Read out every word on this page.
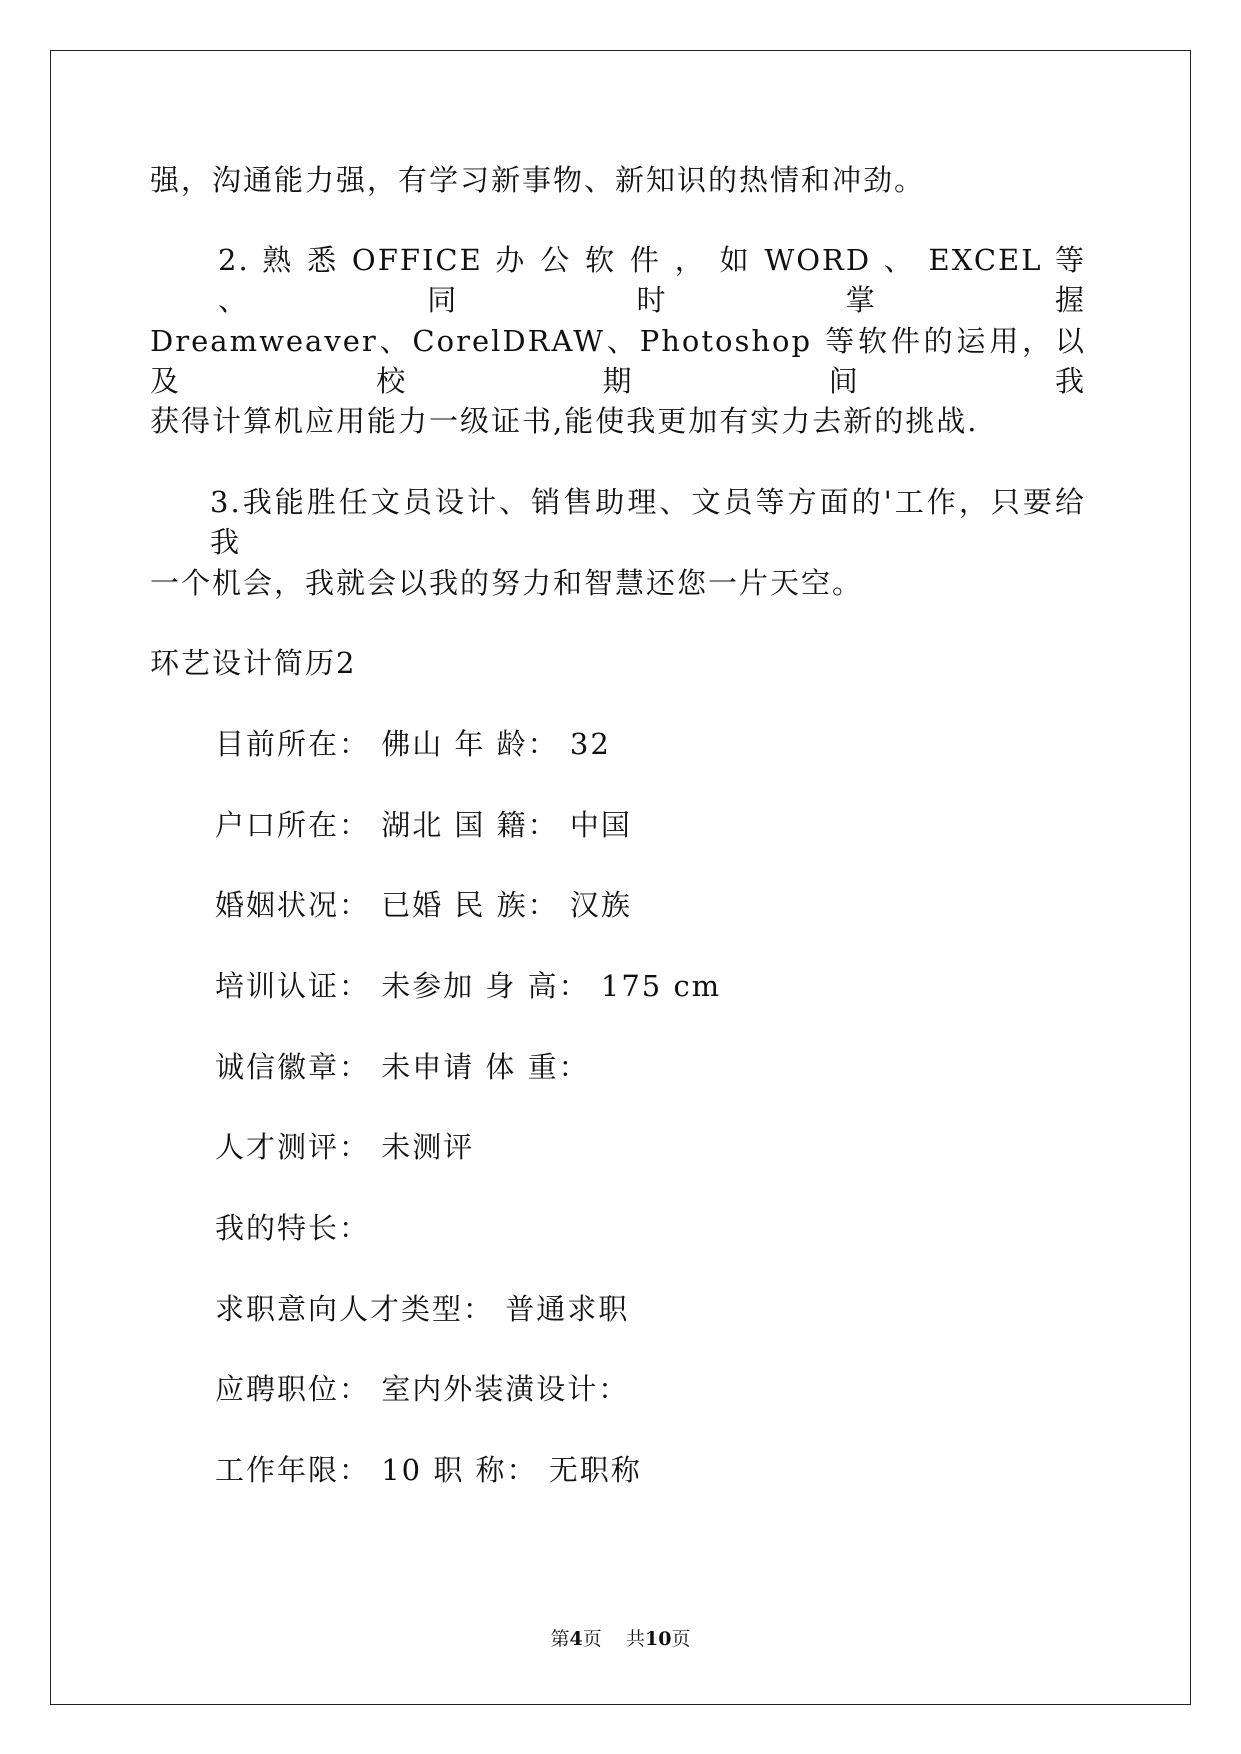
强，沟通能力强，有学习新事物、新知识的热情和冲劲。
2. 熟 悉 OFFICE 办 公 软 件 ， 如 WORD 、 EXCEL 等 、 同 时 掌 握
Dreamweaver、CorelDRAW、Photoshop 等软件的运用，以及校期间我
获得计算机应用能力一级证书,能使我更加有实力去新的挑战.
3.我能胜任文员设计、销售助理、文员等方面的'工作，只要给我
一个机会，我就会以我的努力和智慧还您一片天空。
环艺设计简历2
目前所在： 佛山 年 龄： 32
户口所在： 湖北 国 籍： 中国
婚姻状况： 已婚 民 族： 汉族
培训认证： 未参加 身 高： 175 cm
诚信徽章： 未申请 体 重：
人才测评： 未测评
我的特长：
求职意向人才类型： 普通求职
应聘职位： 室内外装潢设计：
工作年限： 10 职 称： 无职称
第4页 共10页
